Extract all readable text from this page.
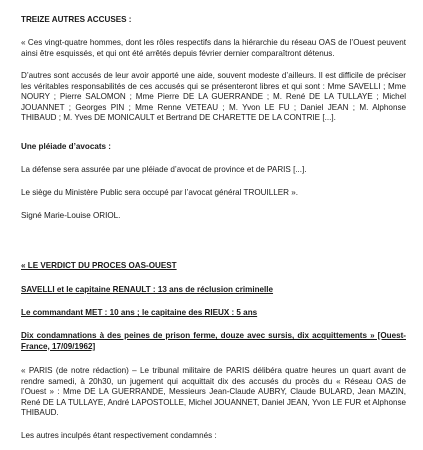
TREIZE AUTRES ACCUSES :

« Ces vingt-quatre hommes, dont les rôles respectifs dans la hiérarchie du réseau OAS de l’Ouest peuvent ainsi être esquissés, et qui ont été arrêtés depuis février dernier comparaîtront détenus.

D’autres sont accusés de leur avoir apporté une aide, souvent modeste d’ailleurs. Il est difficile de préciser les véritables responsabilités de ces accusés qui se présenteront libres et qui sont : Mme SAVELLI ; Mme NOURY ; Pierre SALOMON ; Mme Pierre DE LA GUERRANDE ; M. René DE LA TULLAYE ; Michel JOUANNET ; Georges PIN ; Mme Renne VETEAU ; M. Yvon LE FU ; Daniel JEAN ; M. Alphonse THIBAUD ; M. Yves DE MONICAULT et Bertrand DE CHARETTE DE LA CONTRIE [...].

Une pléiade d’avocats :

La défense sera assurée par une pléiade d’avocat de province et de PARIS [...].

Le siège du Ministère Public sera occupé par l’avocat général TROUILLER ».

Signé Marie-Louise ORIOL.

« LE VERDICT DU PROCES OAS-OUEST

SAVELLI et le capitaine RENAULT : 13 ans de réclusion criminelle

Le commandant MET : 10 ans ; le capitaine des RIEUX : 5 ans

Dix condamnations à des peines de prison ferme, douze avec sursis, dix acquittements » [Ouest-France, 17/09/1962]

« PARIS (de notre rédaction) – Le tribunal militaire de PARIS délibéra quatre heures un quart avant de rendre samedi, à 20h30, un jugement qui acquittait dix des accusés du procès du « Réseau OAS de l’Ouest » : Mme DE LA GUERRANDE, Messieurs Jean-Claude AUBRY, Claude BULARD, Jean MAZIN, René DE LA TULLAYE, André LAPOSTOLLE, Michel JOUANNET, Daniel JEAN, Yvon LE FUR et Alphonse THIBAUD.

Les autres inculpés étant respectivement condamnés :
